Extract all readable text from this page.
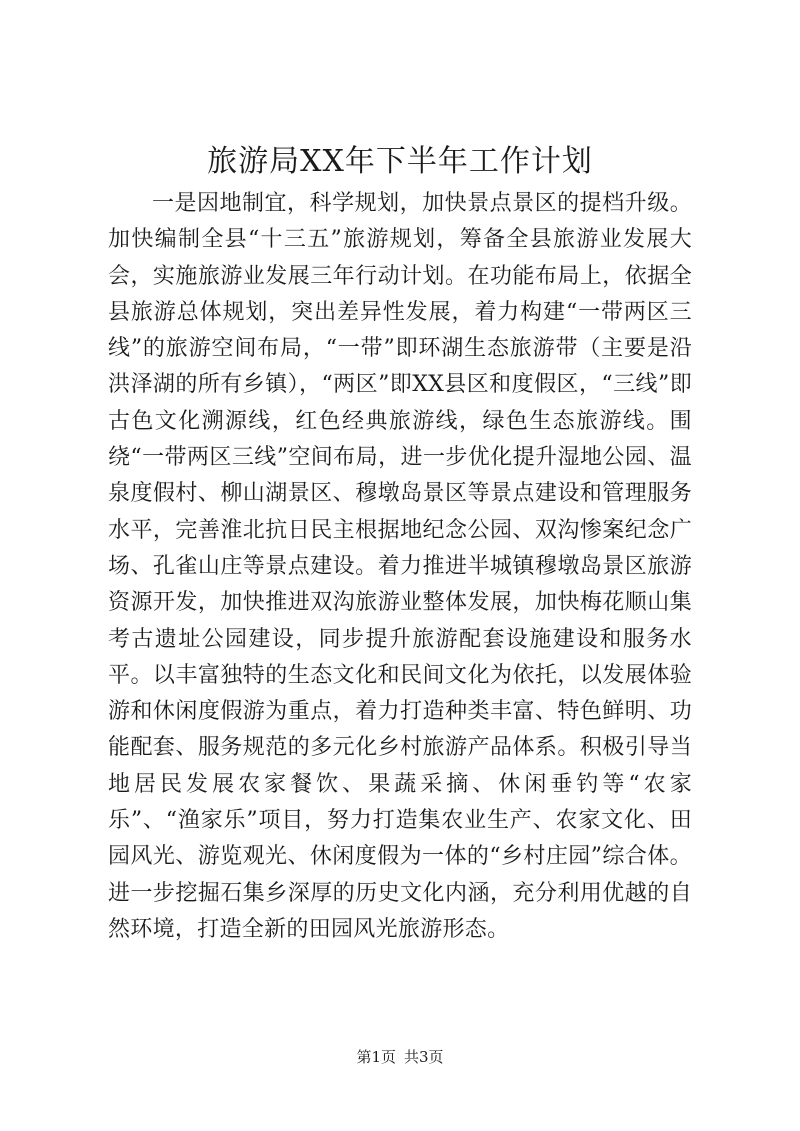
旅游局XX年下半年工作计划

一是因地制宜，科学规划，加快景点景区的提档升级。加快编制全县“十三五”旅游规划，筹备全县旅游业发展大会，实施旅游业发展三年行动计划。在功能布局上，依据全县旅游总体规划，突出差异性发展，着力构建“一带两区三线”的旅游空间布局，“一带”即环湖生态旅游带（主要是沿洪泽湖的所有乡镇），“两区”即XX县区和度假区，“三线”即古色文化溯源线，红色经典旅游线，绿色生态旅游线。围绕“一带两区三线”空间布局，进一步优化提升湿地公园、温泉度假村、柳山湖景区、穆墩岛景区等景点建设和管理服务水平，完善淮北抗日民主根据地纪念公园、双沟惨案纪念广场、孔雀山庄等景点建设。着力推进半城镇穆墩岛景区旅游资源开发，加快推进双沟旅游业整体发展，加快梅花顺山集考古遗址公园建设，同步提升旅游配套设施建设和服务水平。以丰富独特的生态文化和民间文化为依托，以发展体验游和休闲度假游为重点，着力打造种类丰富、特色鲜明、功能配套、服务规范的多元化乡村旅游产品体系。积极引导当地居民发展农家餐饮、果蔬采摘、休闲垂钓等“农家乐”、“渔家乐”项目，努力打造集农业生产、农家文化、田园风光、游览观光、休闲度假为一体的“乡村庄园”综合体。进一步挖掘石集乡深厚的历史文化内涵，充分利用优越的自然环境，打造全新的田园风光旅游形态。

第1页 共3页
